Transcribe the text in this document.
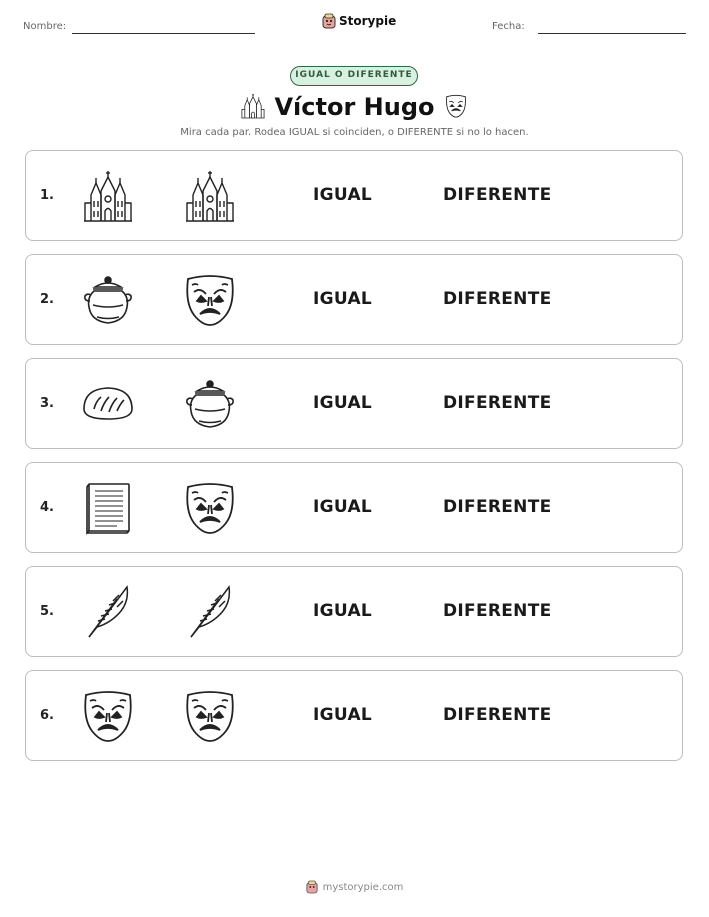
Nombre:	Storypie	Fecha:
IGUAL O DIFERENTE
Víctor Hugo
Mira cada par. Rodea IGUAL si coinciden, o DIFERENTE si no lo hacen.
1.	IGUAL	DIFERENTE
2.	IGUAL	DIFERENTE
3.	IGUAL	DIFERENTE
4.	IGUAL	DIFERENTE
5.	IGUAL	DIFERENTE
6.	IGUAL	DIFERENTE
mystorypie.com
